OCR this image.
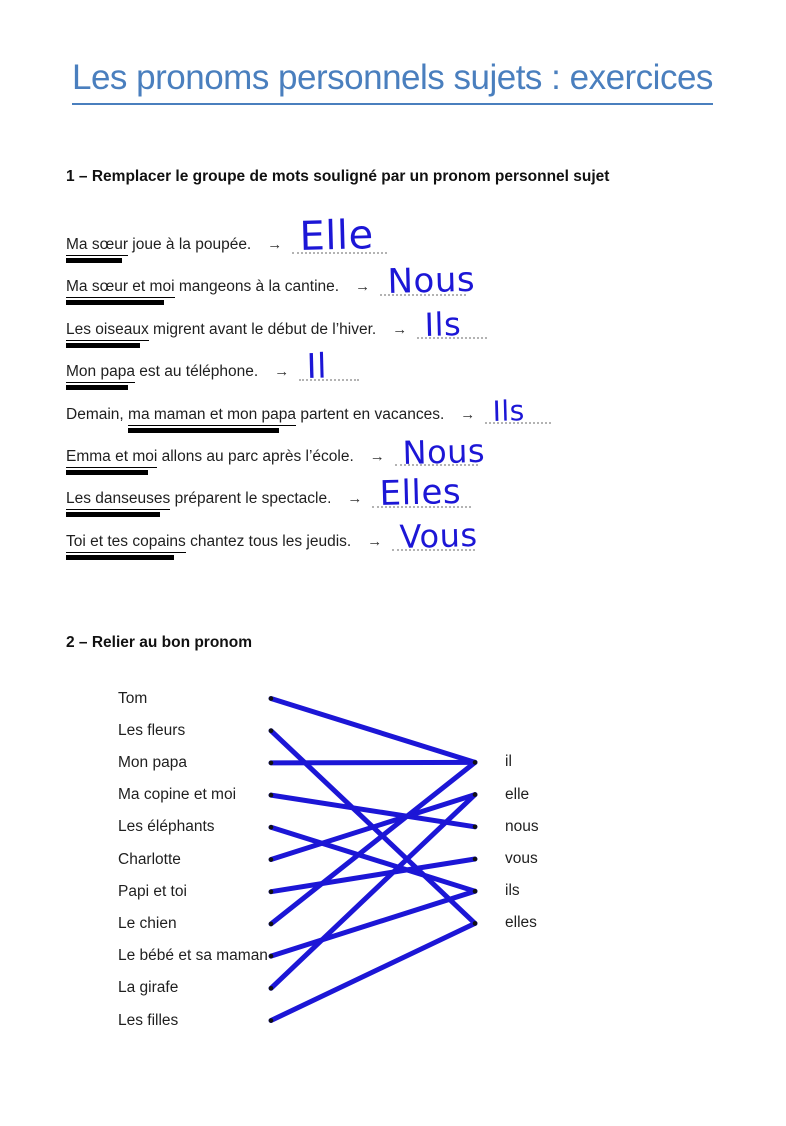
Les pronoms personnels sujets : exercices
1 – Remplacer le groupe de mots souligné par un pronom personnel sujet
Ma sœur joue à la poupée. → Elle
Ma sœur et moi mangeons à la cantine. → Nous
Les oiseaux migrent avant le début de l’hiver. → Ils
Mon papa est au téléphone. → Il
Demain, ma maman et mon papa partent en vacances. → Ils
Emma et moi allons au parc après l’école. → Nous
Les danseuses préparent le spectacle. → Elles
Toi et tes copains chantez tous les jeudis. → Vous
2 – Relier au bon pronom
Tom
Les fleurs
Mon papa
Ma copine et moi
Les éléphants
Charlotte
Papi et toi
Le chien
Le bébé et sa maman
La girafe
Les filles
il
elle
nous
vous
ils
elles
